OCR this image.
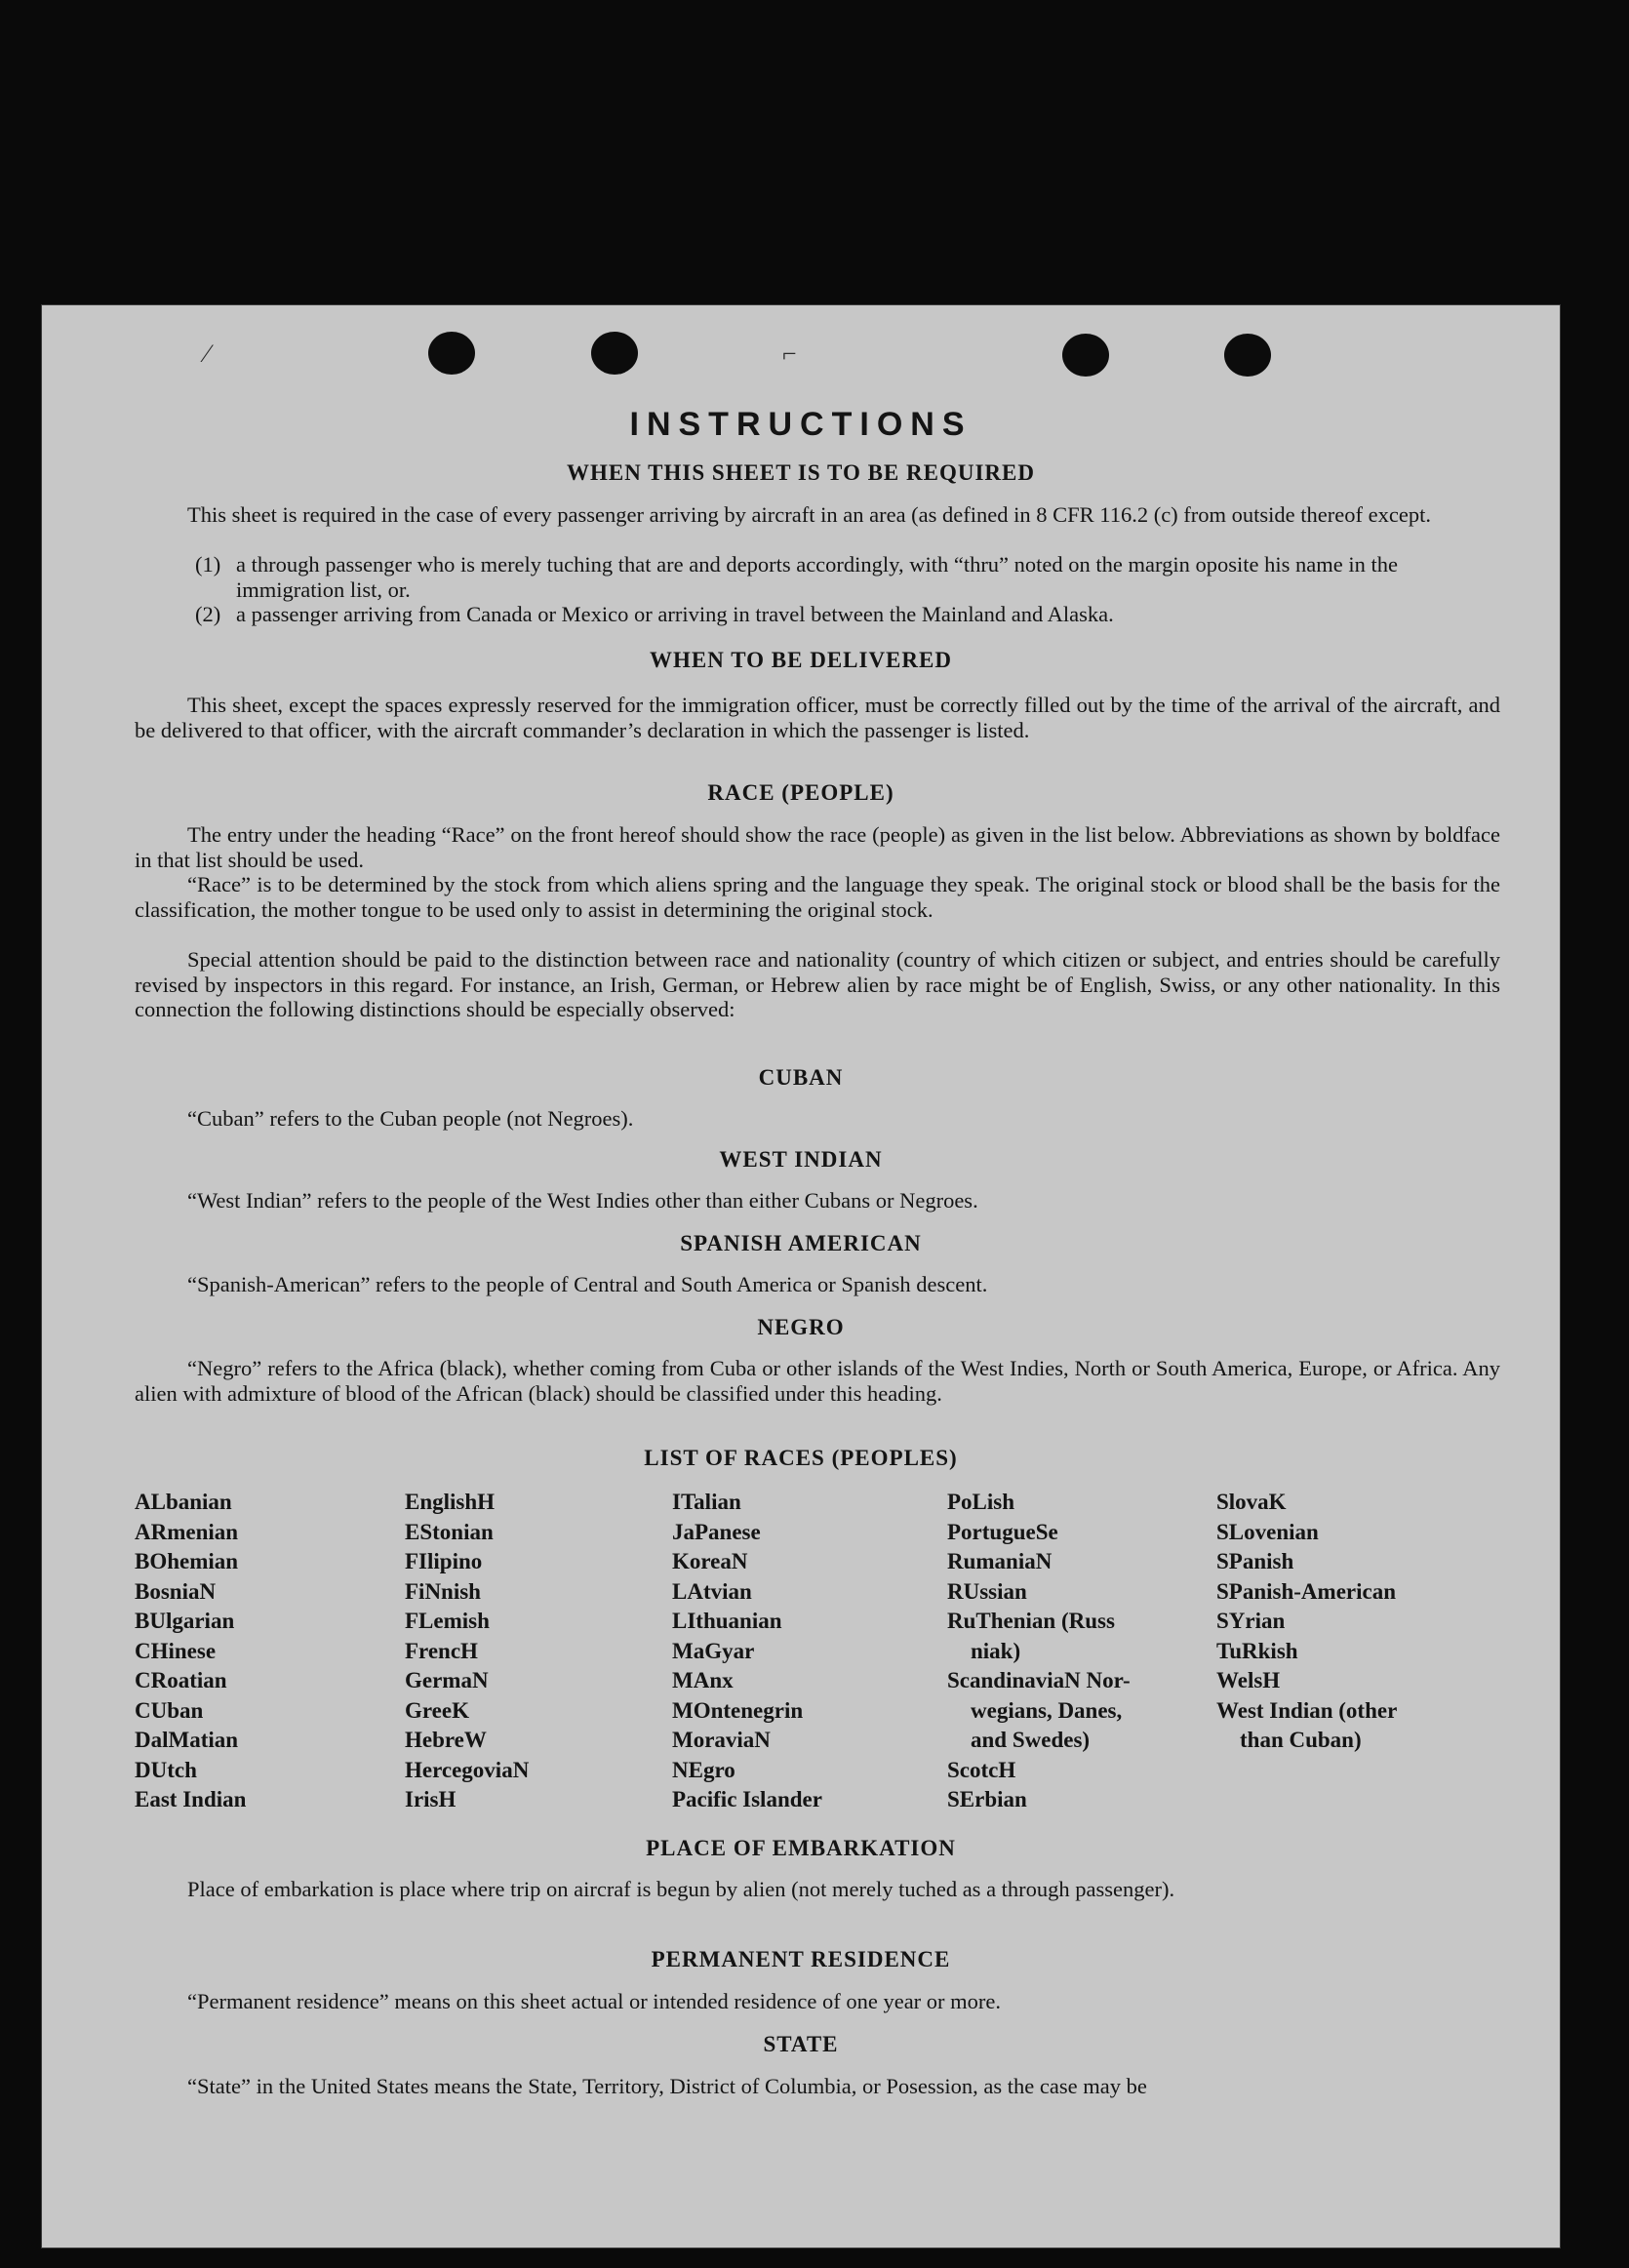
⁄	⌐
INSTRUCTIONS
WHEN THIS SHEET IS TO BE REQUIRED

This sheet is required in the case of every passenger arriving by aircraft in an area (as defined in 8 CFR 116.2 (c) from outside thereof except.

(1) a through passenger who is merely tuching that are and deports accordingly, with “thru” noted on the margin oposite his name in the immigration list, or.
(2) a passenger arriving from Canada or Mexico or arriving in travel between the Mainland and Alaska.
WHEN TO BE DELIVERED

This sheet, except the spaces expressly reserved for the immigration officer, must be correctly filled out by the time of the arrival of the aircraft, and be delivered to that officer, with the aircraft commander’s declaration in which the passenger is listed.

RACE (PEOPLE)

The entry under the heading “Race” on the front hereof should show the race (people) as given in the list below. Abbreviations as shown by boldface in that list should be used.

“Race” is to be determined by the stock from which aliens spring and the language they speak. The original stock or blood shall be the basis for the classification, the mother tongue to be used only to assist in determining the original stock.

Special attention should be paid to the distinction between race and nationality (country of which citizen or subject, and entries should be carefully revised by inspectors in this regard. For instance, an Irish, German, or Hebrew alien by race might be of English, Swiss, or any other nationality. In this connection the following distinctions should be especially observed:

CUBAN

“Cuban” refers to the Cuban people (not Negroes).

WEST INDIAN

“West Indian” refers to the people of the West Indies other than either Cubans or Negroes.

SPANISH AMERICAN

“Spanish-American” refers to the people of Central and South America or Spanish descent.

NEGRO

“Negro” refers to the Africa (black), whether coming from Cuba or other islands of the West Indies, North or South America, Europe, or Africa. Any alien with admixture of blood of the African (black) should be classified under this heading.

LIST OF RACES (PEOPLES)
ALbanian
ARmenian
BOhemian
BosniaN
BUlgarian
CHinese
CRoatian
CUban
DalMatian
DUtch
East Indian
EnglishH
EStonian
FIlipino
FiNnish
FLemish
FrencH
GermaN
GreeK
HebreW
HercegoviaN
IrisH
ITalian
JaPanese
KoreaN
LAtvian
LIthuanian
MaGyar
MAnx
MOntenegrin
MoraviaN
NEgro
Pacific Islander
PoLish
PortugueSe
RumaniaN
RUssian
RuThenian (Russ
niak)
ScandinaviaN Nor-
wegians, Danes,
and Swedes)
ScotcH
SErbian
SlovaK
SLovenian
SPanish
SPanish-American
SYrian
TuRkish
WelsH
West Indian (other
than Cuban)
PLACE OF EMBARKATION

Place of embarkation is place where trip on aircraf is begun by alien (not merely tuched as a through passenger).

PERMANENT RESIDENCE

“Permanent residence” means on this sheet actual or intended residence of one year or more.

STATE

“State” in the United States means the State, Territory, District of Columbia, or Posession, as the case may be
